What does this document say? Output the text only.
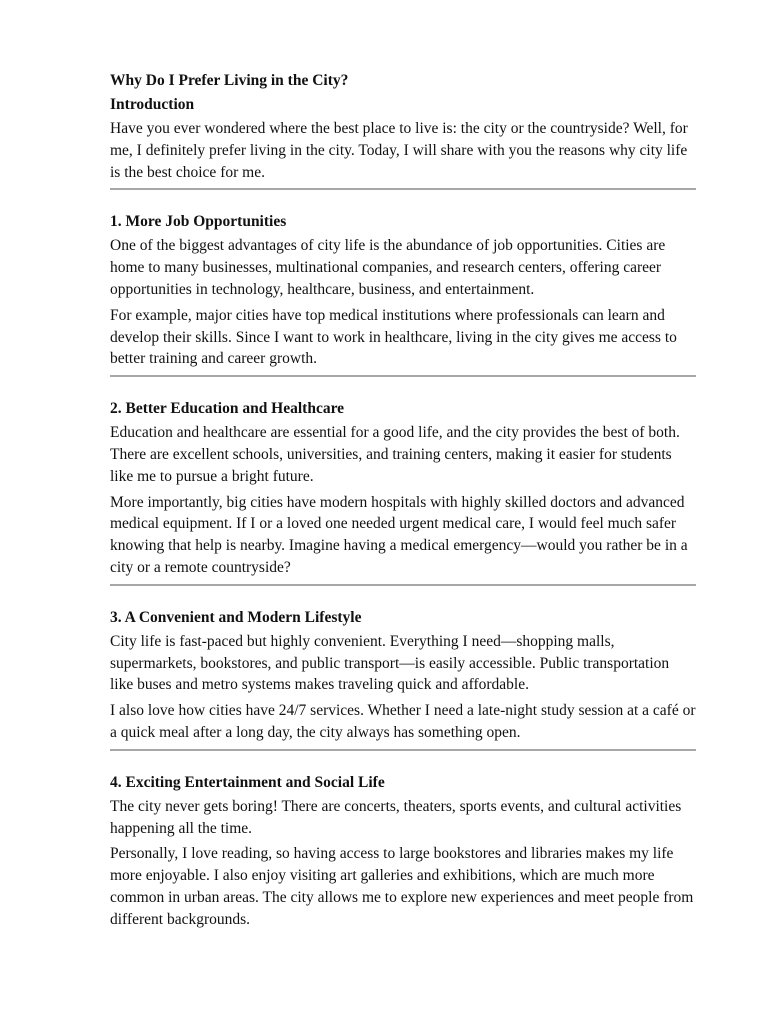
Why Do I Prefer Living in the City?
Introduction

Have you ever wondered where the best place to live is: the city or the countryside? Well, for me, I definitely prefer living in the city. Today, I will share with you the reasons why city life is the best choice for me.

1. More Job Opportunities

One of the biggest advantages of city life is the abundance of job opportunities. Cities are home to many businesses, multinational companies, and research centers, offering career opportunities in technology, healthcare, business, and entertainment.

For example, major cities have top medical institutions where professionals can learn and develop their skills. Since I want to work in healthcare, living in the city gives me access to better training and career growth.

2. Better Education and Healthcare

Education and healthcare are essential for a good life, and the city provides the best of both. There are excellent schools, universities, and training centers, making it easier for students like me to pursue a bright future.

More importantly, big cities have modern hospitals with highly skilled doctors and advanced medical equipment. If I or a loved one needed urgent medical care, I would feel much safer knowing that help is nearby. Imagine having a medical emergency—would you rather be in a city or a remote countryside?

3. A Convenient and Modern Lifestyle

City life is fast-paced but highly convenient. Everything I need—shopping malls, supermarkets, bookstores, and public transport—is easily accessible. Public transportation like buses and metro systems makes traveling quick and affordable.

I also love how cities have 24/7 services. Whether I need a late-night study session at a café or a quick meal after a long day, the city always has something open.

4. Exciting Entertainment and Social Life

The city never gets boring! There are concerts, theaters, sports events, and cultural activities happening all the time.

Personally, I love reading, so having access to large bookstores and libraries makes my life more enjoyable. I also enjoy visiting art galleries and exhibitions, which are much more common in urban areas. The city allows me to explore new experiences and meet people from different backgrounds.
